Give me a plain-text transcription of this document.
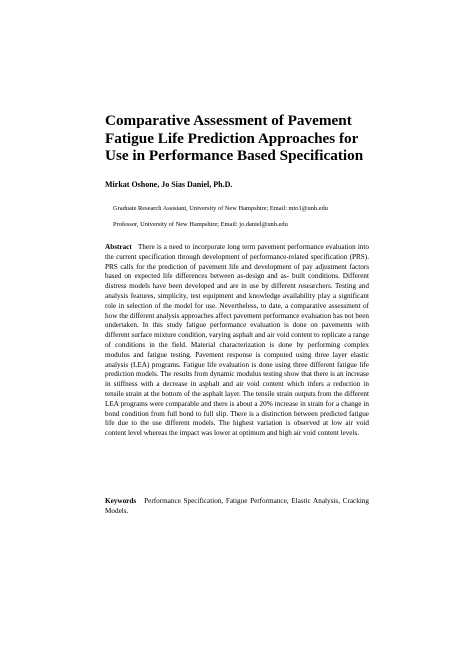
Comparative Assessment of Pavement Fatigue Life Prediction Approaches for Use in Performance Based Specification

Mirkat Oshone, Jo Sias Daniel, Ph.D.

Graduate Research Assistant, University of New Hampshire; Email: mto1@unh.edu

Professor, University of New Hampshire; Email: jo.daniel@unh.edu

Abstract There is a need to incorporate long term pavement performance evaluation into the current specification through development of performance-related specification (PRS). PRS calls for the prediction of pavement life and development of pay adjustment factors based on expected life differences between as-design and as- built conditions. Different distress models have been developed and are in use by different researchers. Testing and analysis features, simplicity, test equipment and knowledge availability play a significant role in selection of the model for use. Nevertheless, to date, a comparative assessment of how the different analysis approaches affect pavement performance evaluation has not been undertaken. In this study fatigue performance evaluation is done on pavements with different surface mixture condition, varying asphalt and air void content to replicate a range of conditions in the field. Material characterization is done by performing complex modulus and fatigue testing. Pavement response is computed using three layer elastic analysis (LEA) programs. Fatigue life evaluation is done using three different fatigue life prediction models. The results from dynamic modulus testing show that there is an increase in stiffness with a decrease in asphalt and air void content which infers a reduction in tensile strain at the bottom of the asphalt layer. The tensile strain outputs from the different LEA programs were comparable and there is about a 20% increase in strain for a change in bond condition from full bond to full slip. There is a distinction between predicted fatigue life due to the use different models. The highest variation is observed at low air void content level whereas the impact was lower at optimum and high air void content levels.

Keywords Performance Specification, Fatigue Performance, Elastic Analysis, Cracking Models.
